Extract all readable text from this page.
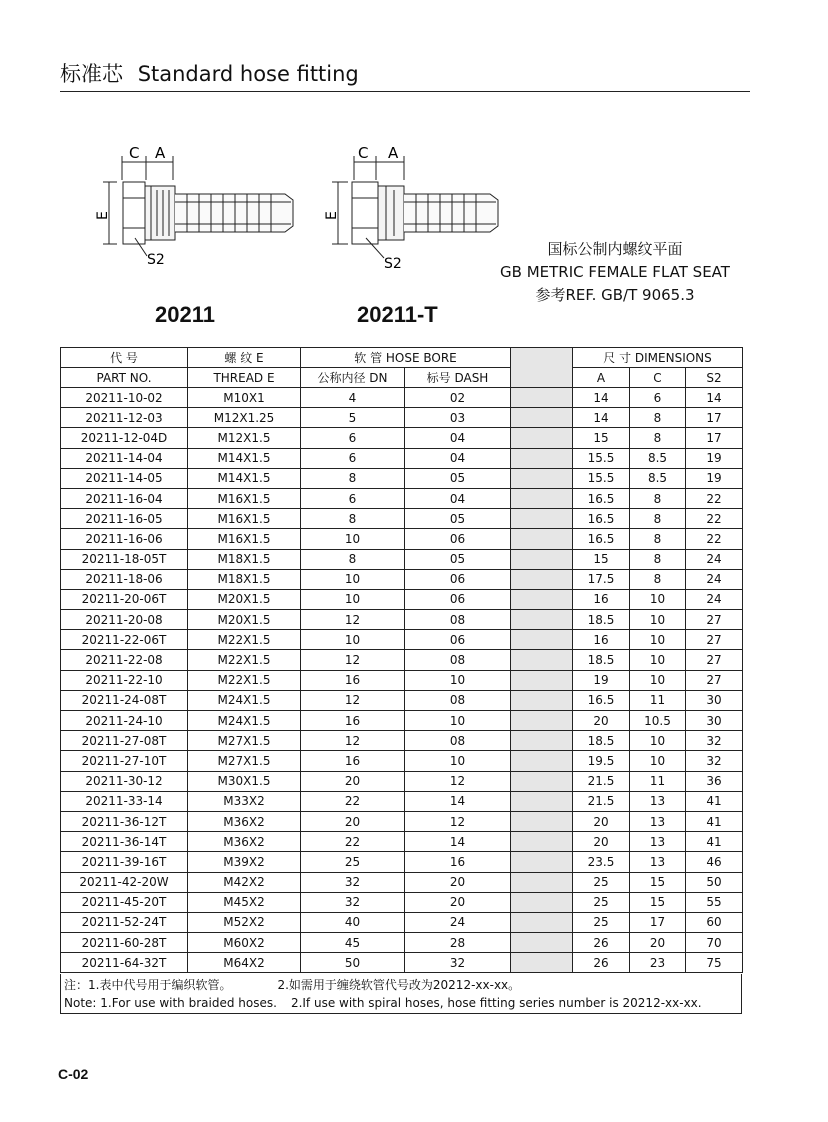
标准芯 Standard hose fitting
C A
E
S2
20211
C A
E
S2
20211-T
国标公制内螺纹平面
GB METRIC FEMALE FLAT SEAT
参考REF. GB/T 9065.3
代 号	螺 纹 E	软 管 HOSE BORE			尺 寸 DIMENSIONS		
PART NO.	THREAD E	公称内径 DN	标号 DASH		A	C	S2
20211-10-02	M10X1	4	02		14	6	14
20211-12-03	M12X1.25	5	03		14	8	17
20211-12-04D	M12X1.5	6	04		15	8	17
20211-14-04	M14X1.5	6	04		15.5	8.5	19
20211-14-05	M14X1.5	8	05		15.5	8.5	19
20211-16-04	M16X1.5	6	04		16.5	8	22
20211-16-05	M16X1.5	8	05		16.5	8	22
20211-16-06	M16X1.5	10	06		16.5	8	22
20211-18-05T	M18X1.5	8	05		15	8	24
20211-18-06	M18X1.5	10	06		17.5	8	24
20211-20-06T	M20X1.5	10	06		16	10	24
20211-20-08	M20X1.5	12	08		18.5	10	27
20211-22-06T	M22X1.5	10	06		16	10	27
20211-22-08	M22X1.5	12	08		18.5	10	27
20211-22-10	M22X1.5	16	10		19	10	27
20211-24-08T	M24X1.5	12	08		16.5	11	30
20211-24-10	M24X1.5	16	10		20	10.5	30
20211-27-08T	M27X1.5	12	08		18.5	10	32
20211-27-10T	M27X1.5	16	10		19.5	10	32
20211-30-12	M30X1.5	20	12		21.5	11	36
20211-33-14	M33X2	22	14		21.5	13	41
20211-36-12T	M36X2	20	12		20	13	41
20211-36-14T	M36X2	22	14		20	13	41
20211-39-16T	M39X2	25	16		23.5	13	46
20211-42-20W	M42X2	32	20		25	15	50
20211-45-20T	M45X2	32	20		25	15	55
20211-52-24T	M52X2	40	24		25	17	60
20211-60-28T	M60X2	45	28		26	20	70
20211-64-32T	M64X2	50	32		26	23	75
注：1.表中代号用于编织软管。	2.如需用于缠绕软管代号改为20212-xx-xx。
Note: 1.For use with braided hoses. 2.If use with spiral hoses, hose fitting series number is 20212-xx-xx.
C-02
